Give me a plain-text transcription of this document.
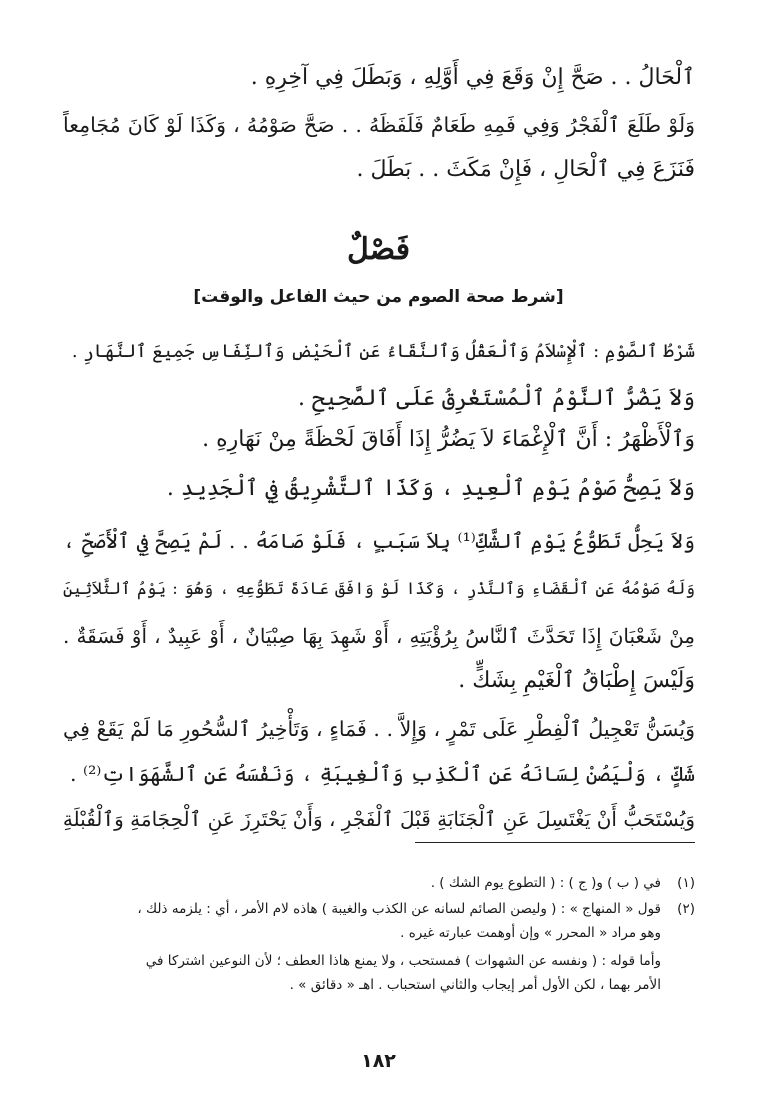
ٱلْحَالُ . . صَحَّ إِنْ وَقَعَ فِي أَوَّلِهِ ، وَبَطَلَ فِي آخِرِهِ .
وَلَوْ طَلَعَ ٱلْفَجْرُ وَفِي فَمِهِ طَعَامٌ فَلَفَظَهُ . . صَحَّ صَوْمُهُ ، وَكَذَا لَوْ كَانَ مُجَامِعاً
فَنَزَعَ فِي ٱلْحَالِ ، فَإِنْ مَكَثَ . . بَطَلَ .
فَصْلٌ
[شرط صحة الصوم من حيث الفاعل والوقت]
شَرْطُ ٱلصَّوْمِ : ٱلْإِسْلاَمُ وَٱلْعَقْلُ وَٱلنَّقَاءُ عَنِ ٱلْحَيْضِ وَٱلنِّفَاسِ جَمِيعَ ٱلنَّهَارِ .
وَلاَ يَضُرُّ ٱلنَّوْمُ ٱلْمُسْتَغْرِقُ عَلَى ٱلصَّحِيحِ .
وَٱلْأَظْهَرُ : أَنَّ ٱلْإِغْمَاءَ لاَ يَضُرُّ إِذَا أَفَاقَ لَحْظَةً مِنْ نَهَارِهِ .
وَلاَ يَصِحُّ صَوْمُ يَوْمِ ٱلْعِيدِ ، وَكَذَا ٱلتَّشْرِيقُ فِي ٱلْجَدِيدِ .
وَلاَ يَحِلُّ تَطَوُّعُ يَوْمِ ٱلشَّكِّ⁽¹⁾ بِلاَ سَبَبٍ ، فَلَوْ صَامَهُ . . لَمْ يَصِحَّ فِي ٱلْأَصَحِّ ،
وَلَهُ صَوْمُهُ عَنِ ٱلْقَضَاءِ وَٱلنَّذْرِ ، وَكَذَا لَوْ وَافَقَ عَادَةَ تَطَوُّعِهِ ، وَهُوَ : يَوْمُ ٱلثَّلاَثِينَ
مِنْ شَعْبَانَ إِذَا تَحَدَّثَ ٱلنَّاسُ بِرُؤْيَتِهِ ، أَوْ شَهِدَ بِهَا صِبْيَانٌ ، أَوْ عَبِيدٌ ، أَوْ فَسَقَةٌ .
وَلَيْسَ إِطْبَاقُ ٱلْغَيْمِ بِشَكٍّ .
وَيُسَنُّ تَعْجِيلُ ٱلْفِطْرِ عَلَى تَمْرٍ ، وَإِلاَّ . . فَمَاءٍ ، وَتَأْخِيرُ ٱلسُّحُورِ مَا لَمْ يَقَعْ فِي
شَكٍّ ، وَلْيَصُنْ لِسَانَهُ عَنِ ٱلْكَذِبِ وَٱلْغِيبَةِ ، وَنَفْسَهُ عَنِ ٱلشَّهَوَاتِ⁽²⁾ .
وَيُسْتَحَبُّ أَنْ يَغْتَسِلَ عَنِ ٱلْجَنَابَةِ قَبْلَ ٱلْفَجْرِ ، وَأَنْ يَحْتَرِزَ عَنِ ٱلْحِجَامَةِ وَٱلْقُبْلَةِ
(١)في ( ب ) و( ج ) : ( التطوع يوم الشك ) .
(٢)قول « المنهاج » : ( وليصن الصائم لسانه عن الكذب والغيبة ) هاذه لام الأمر ، أي : يلزمه ذلك ،
وهو مراد « المحرر » وإن أوهمت عبارته غيره .
وأما قوله : ( ونفسه عن الشهوات ) فمستحب ، ولا يمنع هاذا العطف ؛ لأن النوعين اشتركا في
الأمر بهما ، لكن الأول أمر إيجاب والثاني استحباب . اهـ « دقائق » .
١٨٢
